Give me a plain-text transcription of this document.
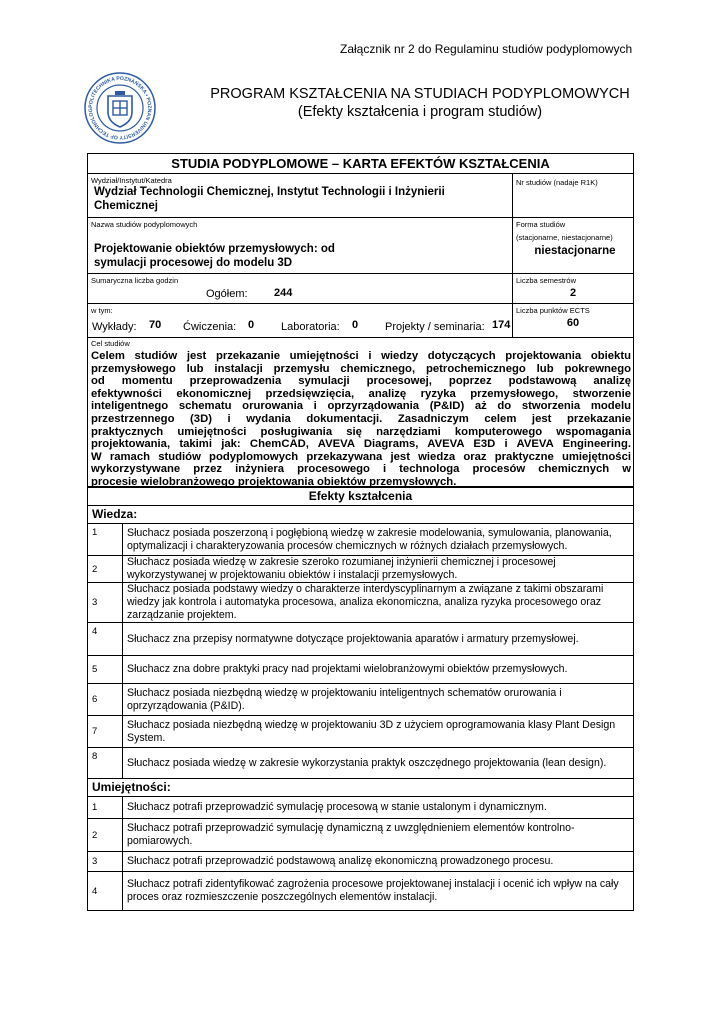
Załącznik nr 2 do Regulaminu studiów podyplomowych
POLITECHNIKA POZNAŃSKA • POZNAN UNIVERSITY OF TECHNOLOG
PROGRAM KSZTAŁCENIA NA STUDIACH PODYPLOMOWYCH
(Efekty kształcenia i program studiów)
STUDIA PODYPLOMOWE – KARTA EFEKTÓW KSZTAŁCENIA
Wydział/Instytut/Katedra
Wydział Technologii Chemicznej, Instytut Technologii i Inżynierii Chemicznej
Nr studiów (nadaje R1K)
Nazwa studiów podyplomowych
Projektowanie obiektów przemysłowych: od symulacji procesowej do modelu 3D
Forma studiów
(stacjonarne, niestacjonarne)
niestacjonarne
Sumaryczna liczba godzin
Ogółem: 244
Liczba semestrów
2
w tym:
Wykłady: 70 Ćwiczenia: 0 Laboratoria: 0 Projekty / seminaria: 174
Liczba punktów ECTS
60
Cel studiów
Celem studiów jest przekazanie umiejętności i wiedzy dotyczących projektowania obiektu
przemysłowego lub instalacji przemysłu chemicznego, petrochemicznego lub pokrewnego
od momentu przeprowadzenia symulacji procesowej, poprzez podstawową analizę
efektywności ekonomicznej przedsięwzięcia, analizę ryzyka przemysłowego, stworzenie
inteligentnego schematu orurowania i oprzyrządowania (P&ID) aż do stworzenia modelu
przestrzennego (3D) i wydania dokumentacji. Zasadniczym celem jest przekazanie
praktycznych umiejętności posługiwania się narzędziami komputerowego wspomagania
projektowania, takimi jak: ChemCAD, AVEVA Diagrams, AVEVA E3D i AVEVA Engineering.
W ramach studiów podyplomowych przekazywana jest wiedza oraz praktyczne umiejętności
wykorzystywane przez inżyniera procesowego i technologa procesów chemicznych w
procesie wielobranżowego projektowania obiektów przemysłowych.
Efekty kształcenia	
Wiedza:	
1	Słuchacz posiada poszerzoną i pogłębioną wiedzę w zakresie modelowania, symulowania, planowania, optymalizacji i charakteryzowania procesów chemicznych w różnych działach przemysłowych.
2	Słuchacz posiada wiedzę w zakresie szeroko rozumianej inżynierii chemicznej i procesowej wykorzystywanej w projektowaniu obiektów i instalacji przemysłowych.
3	Słuchacz posiada podstawy wiedzy o charakterze interdyscyplinarnym a związane z takimi obszarami wiedzy jak kontrola i automatyka procesowa, analiza ekonomiczna, analiza ryzyka procesowego oraz zarządzanie projektem.
4	Słuchacz zna przepisy normatywne dotyczące projektowania aparatów i armatury przemysłowej.
5	Słuchacz zna dobre praktyki pracy nad projektami wielobranżowymi obiektów przemysłowych.
6	Słuchacz posiada niezbędną wiedzę w projektowaniu inteligentnych schematów orurowania i oprzyrządowania (P&ID).
7	Słuchacz posiada niezbędną wiedzę w projektowaniu 3D z użyciem oprogramowania klasy Plant Design System.
8	Słuchacz posiada wiedzę w zakresie wykorzystania praktyk oszczędnego projektowania (lean design).
Umiejętności:	
1	Słuchacz potrafi przeprowadzić symulację procesową w stanie ustalonym i dynamicznym.
2	Słuchacz potrafi przeprowadzić symulację dynamiczną z uwzględnieniem elementów kontrolno-pomiarowych.
3	Słuchacz potrafi przeprowadzić podstawową analizę ekonomiczną prowadzonego procesu.
4	Słuchacz potrafi zidentyfikować zagrożenia procesowe projektowanej instalacji i ocenić ich wpływ na cały proces oraz rozmieszczenie poszczególnych elementów instalacji.
